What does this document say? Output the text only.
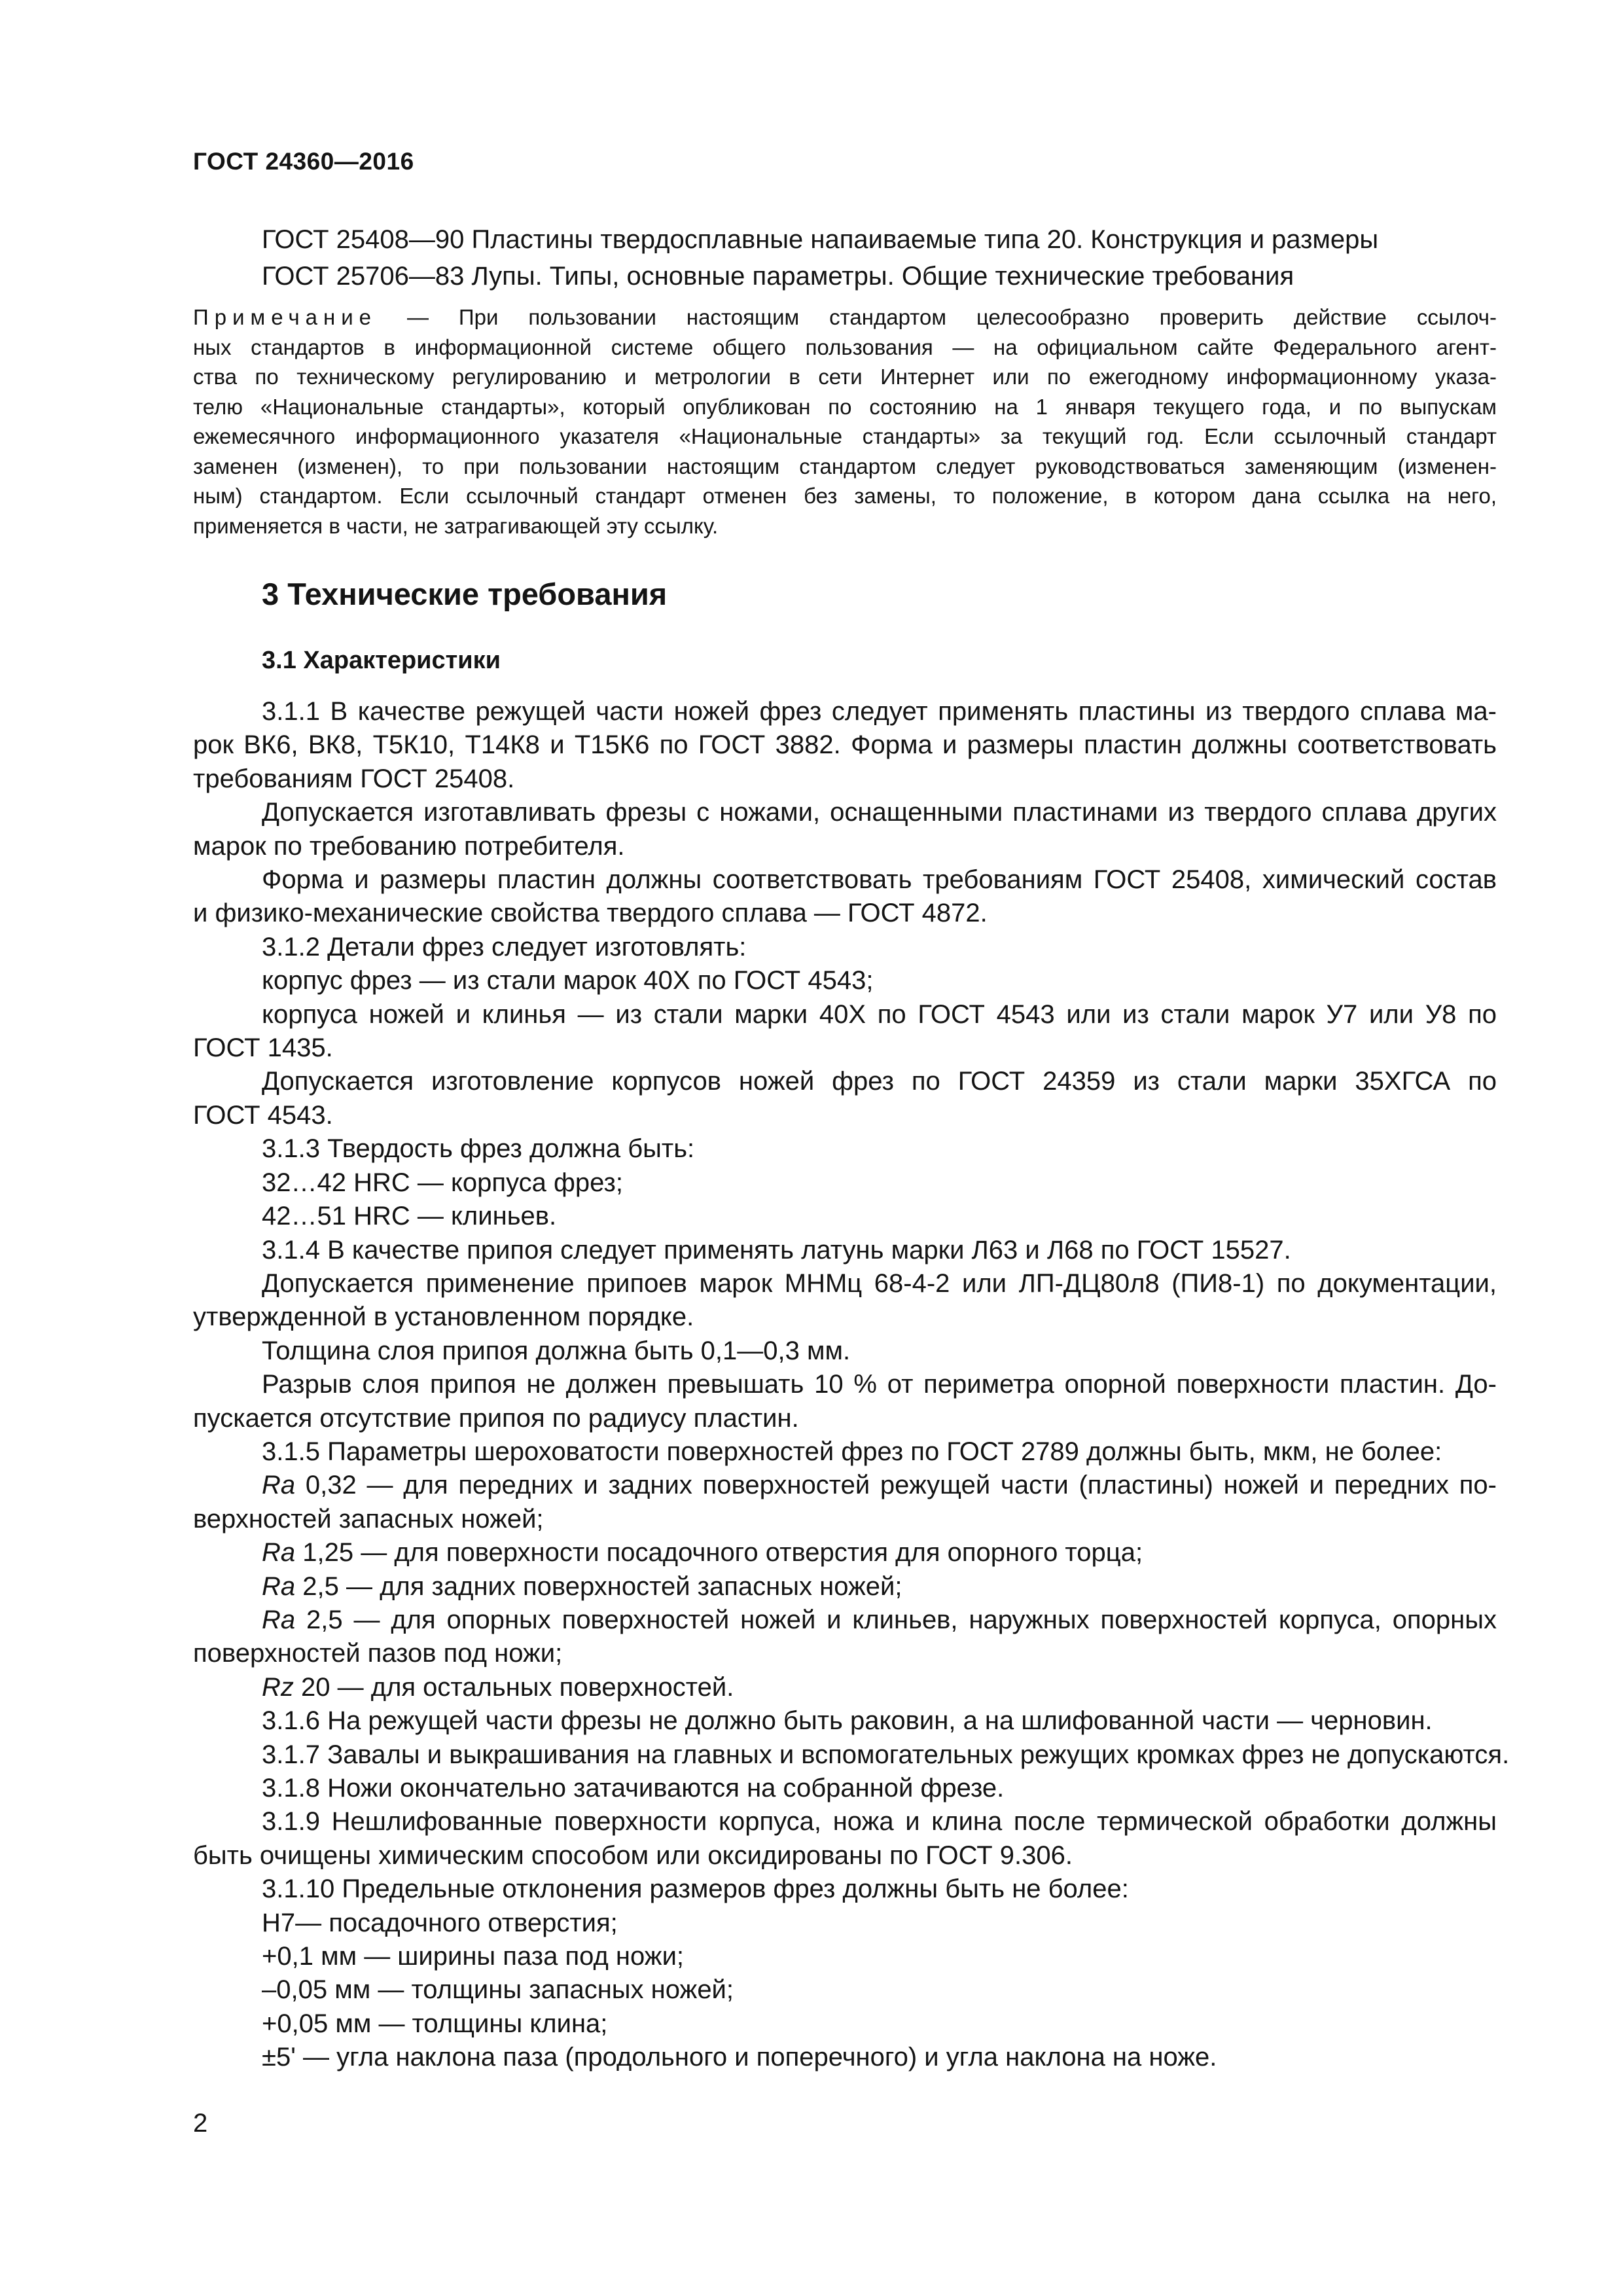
ГОСТ 24360—2016
ГОСТ 25408—90 Пластины твердосплавные напаиваемые типа 20. Конструкция и размеры
ГОСТ 25706—83 Лупы. Типы, основные параметры. Общие технические требования
Примечание — При пользовании настоящим стандартом целесообразно проверить действие ссылоч-
ных стандартов в информационной системе общего пользования — на официальном сайте Федерального агент-
ства по техническому регулированию и метрологии в сети Интернет или по ежегодному информационному указа-
телю «Национальные стандарты», который опубликован по состоянию на 1 января текущего года, и по выпускам
ежемесячного информационного указателя «Национальные стандарты» за текущий год. Если ссылочный стандарт
заменен (изменен), то при пользовании настоящим стандартом следует руководствоваться заменяющим (изменен-
ным) стандартом. Если ссылочный стандарт отменен без замены, то положение, в котором дана ссылка на него,
применяется в части, не затрагивающей эту ссылку.
3 Технические требования
3.1 Характеристики
3.1.1 В качестве режущей части ножей фрез следует применять пластины из твердого сплава ма-
рок ВК6, ВК8, Т5К10, Т14К8 и Т15К6 по ГОСТ 3882. Форма и размеры пластин должны соответствовать
требованиям ГОСТ 25408.
Допускается изготавливать фрезы с ножами, оснащенными пластинами из твердого сплава других
марок по требованию потребителя.
Форма и размеры пластин должны соответствовать требованиям ГОСТ 25408, химический состав
и физико-механические свойства твердого сплава — ГОСТ 4872.
3.1.2 Детали фрез следует изготовлять:
корпус фрез — из стали марок 40Х по ГОСТ 4543;
корпуса ножей и клинья — из стали марки 40Х по ГОСТ 4543 или из стали марок У7 или У8 по
ГОСТ 1435.
Допускается изготовление корпусов ножей фрез по ГОСТ 24359 из стали марки 35ХГСА по
ГОСТ 4543.
3.1.3 Твердость фрез должна быть:
32…42 HRC — корпуса фрез;
42…51 HRC — клиньев.
3.1.4 В качестве припоя следует применять латунь марки Л63 и Л68 по ГОСТ 15527.
Допускается применение припоев марок МНМц 68-4-2 или ЛП-ДЦ80л8 (ПИ8-1) по документации,
утвержденной в установленном порядке.
Толщина слоя припоя должна быть 0,1—0,3 мм.
Разрыв слоя припоя не должен превышать 10 % от периметра опорной поверхности пластин. До-
пускается отсутствие припоя по радиусу пластин.
3.1.5 Параметры шероховатости поверхностей фрез по ГОСТ 2789 должны быть, мкм, не более:
Ra 0,32 — для передних и задних поверхностей режущей части (пластины) ножей и передних по-
верхностей запасных ножей;
Ra 1,25 — для поверхности посадочного отверстия для опорного торца;
Ra 2,5 — для задних поверхностей запасных ножей;
Ra 2,5 — для опорных поверхностей ножей и клиньев, наружных поверхностей корпуса, опорных
поверхностей пазов под ножи;
Rz 20 — для остальных поверхностей.
3.1.6 На режущей части фрезы не должно быть раковин, а на шлифованной части — черновин.
3.1.7 Завалы и выкрашивания на главных и вспомогательных режущих кромках фрез не допускаются.
3.1.8 Ножи окончательно затачиваются на собранной фрезе.
3.1.9 Нешлифованные поверхности корпуса, ножа и клина после термической обработки должны
быть очищены химическим способом или оксидированы по ГОСТ 9.306.
3.1.10 Предельные отклонения размеров фрез должны быть не более:
Н7— посадочного отверстия;
+0,1 мм — ширины паза под ножи;
–0,05 мм — толщины запасных ножей;
+0,05 мм — толщины клина;
±5' — угла наклона паза (продольного и поперечного) и угла наклона на ноже.
2
